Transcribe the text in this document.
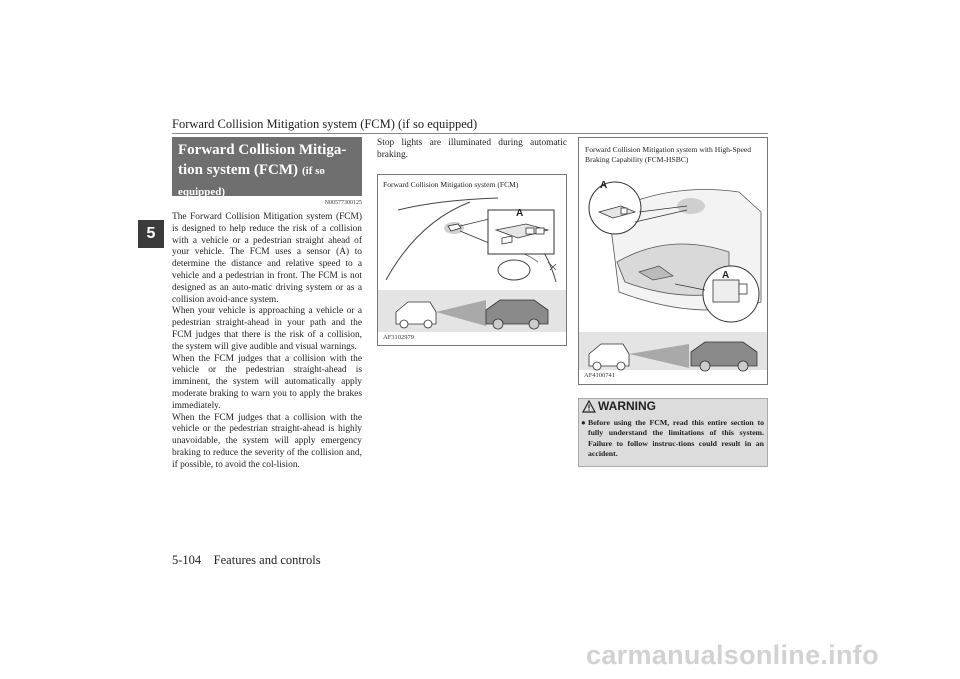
Forward Collision Mitigation system (FCM) (if so equipped)
5
Forward Collision Mitiga-tion system (FCM) (if so equipped)
N00577300125

The Forward Collision Mitigation system (FCM) is designed to help reduce the risk of a collision with a vehicle or a pedestrian straight ahead of your vehicle. The FCM uses a sensor (A) to determine the distance and relative speed to a vehicle and a pedestrian in front. The FCM is not designed as an auto-matic driving system or as a collision avoid-ance system.

When your vehicle is approaching a vehicle or a pedestrian straight-ahead in your path and the FCM judges that there is the risk of a collision, the system will give audible and visual warnings.

When the FCM judges that a collision with the vehicle or the pedestrian straight-ahead is imminent, the system will automatically apply moderate braking to warn you to apply the brakes immediately.

When the FCM judges that a collision with the vehicle or the pedestrian straight-ahead is highly unavoidable, the system will apply emergency braking to reduce the severity of the collision and, if possible, to avoid the col-lision.

Stop lights are illuminated during automatic braking.
Forward Collision Mitigation system (FCM)
A
AF3102979
Forward Collision Mitigation system with High-Speed Braking Capability (FCM-HSBC)
A
A
AF4100741
WARNING
● Before using the FCM, read this entire section to fully understand the limitations of this system. Failure to follow instruc-tions could result in an accident.
5-104 Features and controls
carmanualsonline.info
